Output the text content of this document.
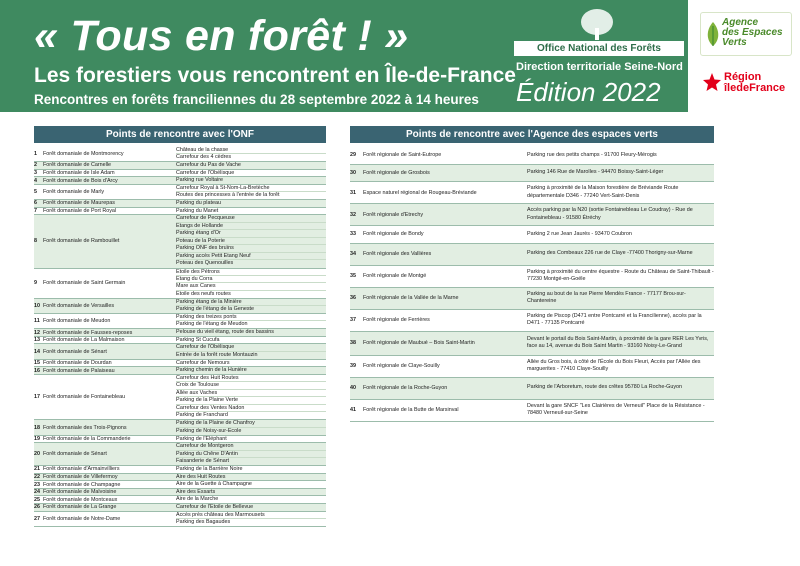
« Tous en forêt ! »
Les forestiers vous rencontrent en Île-de-France
Rencontres en forêts franciliennes du 28 septembre 2022 à 14 heures
Office National des Forêts
Direction territoriale Seine-Nord
Édition 2022
Agence
des Espaces
Verts
Région
îledeFrance
Points de rencontre avec l'ONF
1	Forêt domaniale de Montmorency
Château de la chasse
Carrefour des 4 cèdres
2	Forêt domaniale de Carnelle	Carrefour du Pas de Vache
3	Forêt domaniale de Isle Adam	Carrefour de l'Obélisque
4	Forêt domaniale de Bois d'Arcy	Parking rue Voltaire
5	Forêt domaniale de Marly
Carrefour Royal à St-Nom-La-Bretèche
Routes des princesses à l'entrée de la forêt
6	Forêt domaniale de Maurepas	Parking du plateau
7	Forêt domaniale de Port Royal	Parking du Manet
8	Forêt domaniale de Rambouillet
Carrefour de Pecqueuse
Étangs de Hollande
Parking étang d'Or
Poteau de la Poterie
Parking ONF des bruïns
Parking accès Petit Étang Neuf
Poteau des Quenouilles
9	Forêt domaniale de Saint Germain
Étoile des Pétrons
Étang du Corra
Mare aux Canes
Étoile des neufs routes
10 Forêt domaniale de Versailles
Parking étang de la Minière
Parking de l'étang de la Geneste
11 Forêt domaniale de Meudon
Parking des treizes ponts
Parking de l'étang de Meudon
12 Forêt domaniale de Fausses-reposes	Pelouse du vieil étang, route des bassins
13 Forêt domaniale de La Malmaison	Parking St Cucufa
14 Forêt domaniale de Sénart
Carrefour de l'Obélisque
Entrée de la forêt route Montauzin
15 Forêt domaniale de Dourdan	Carrefour de Nemours
16 Forêt domaniale de Palaiseau	Parking chemin de la Hunière
17 Forêt domaniale de Fontainebleau
Carrefour des Huit Routes
Croix de Toulouse
Allée aux Vaches
Parking de la Plaine Verte
Carrefour des Ventes Nadon
Parking de Franchard
18 Forêt domaniale des Trois-Pignons
Parking de la Plaine de Chanfroy
Parking de Noisy-sur-École
19 Forêt domaniale de la Commanderie	Parking de l'Éléphant
20 Forêt domaniale de Sénart
Carrefour de Montgeron
Parking du Chêne D'Antin
Faisanderie de Sénart
21 Forêt domaniale d'Armainvilliers	Parking de la Barrière Noire
22 Forêt domaniale de Villefermoy	Aire des Huit Routes
23 Forêt domaniale de Champagne	Aire de la Guette à Champagne
24 Forêt domaniale de Malvoisine	Aire des Essarts
25 Forêt domaniale de Montceaux	Aire de la Marche
26 Forêt domaniale de La Grange	Carrefour de l'Étoile de Bellevue
27 Forêt domaniale de Notre-Dame
Accès près château des Marmousets
Parking des Bagaudes
Points de rencontre avec l'Agence des espaces verts
29	Forêt régionale de Saint-Eutrope	Parking rue des petits champs - 91700 Fleury-Mérogis
30	Forêt régionale de Grosbois	Parking 146 Rue de Marolles - 94470 Boissy-Saint-Léger
31	Espace naturel régional de Rougeau-Bréviande
Parking à proximité de la Maison forestière de Bréviande Route départementale D346 - 77240 Vert-Saint-Denis
32	Forêt régionale d'Etrechy
Accès parking par la N20 (sortie Fontainebleau Le Coudray) - Rue de Fontainebleau - 91580 Étréchy
33	Forêt régionale de Bondy	Parking 2 rue Jean Jaurès - 93470 Coubron
34	Forêt régionale des Vallières	Parking des Combeaux 226 rue de Claye -77400 Thorigny-sur-Marne
35	Forêt régionale de Montgé
Parking à proximité du centre équestre - Route du Château de Saint-Thibault - 77230 Montgé-en-Goële
36	Forêt régionale de la Vallée de la Marne
Parking au bout de la rue Pierre Mendès France - 77177 Brou-sur-Chantereine
37	Forêt régionale de Ferrières
Parking de Piscop (D471 entre Pontcarré et la Francilienne), accès par la D471 - 77135 Pontcarré
38	Forêt régionale de Maubué – Bois Saint-Martin
Devant le portail du Bois Saint-Martin, à proximité de la gare RER Les Yvris, face au 14, avenue du Bois Saint Martin - 93160 Noisy-Le-Grand
39	Forêt régionale de Claye-Souilly
Allée du Gros bois, à côté de l'École du Bois Fleuri, Accès par l'Allée des marguerites - 77410 Claye-Souilly
40	Forêt régionale de la Roche-Guyon	Parking de l'Arboretum, route des crêtes 95780 La Roche-Guyon
41	Forêt régionale de la Butte de Marsinval
Devant la gare SNCF "Les Clairières de Verneuil" Place de la Résistance - 78480 Verneuil-sur-Seine
